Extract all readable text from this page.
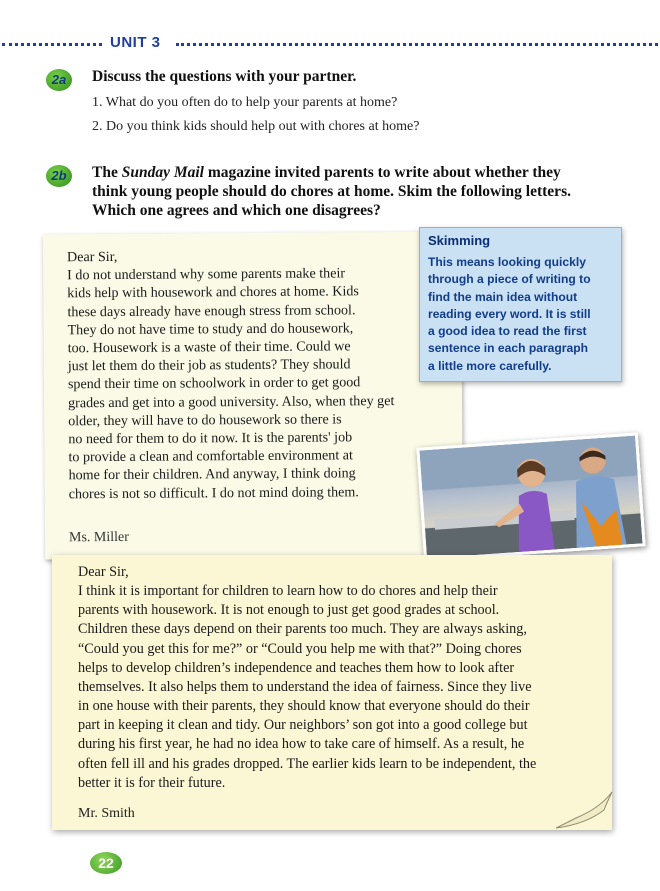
UNIT 3
2a	Discuss the questions with your partner.
1. What do you often do to help your parents at home?
2. Do you think kids should help out with chores at home?
2b	The Sunday Mail magazine invited parents to write about whether they
think young people should do chores at home. Skim the following letters.
Which one agrees and which one disagrees?
Dear Sir,
I do not understand why some parents make their
kids help with housework and chores at home. Kids
these days already have enough stress from school.
They do not have time to study and do housework,
too. Housework is a waste of their time. Could we
just let them do their job as students? They should
spend their time on schoolwork in order to get good
grades and get into a good university. Also, when they get
older, they will have to do housework so there is
no need for them to do it now. It is the parents' job
to provide a clean and comfortable environment at
home for their children. And anyway, I think doing
chores is not so difficult. I do not mind doing them.
Ms. Miller
Skimming
This means looking quickly
through a piece of writing to
find the main idea without
reading every word. It is still
a good idea to read the first
sentence in each paragraph
a little more carefully.
Dear Sir,
I think it is important for children to learn how to do chores and help their
parents with housework. It is not enough to just get good grades at school.
Children these days depend on their parents too much. They are always asking,
“Could you get this for me?” or “Could you help me with that?” Doing chores
helps to develop children’s independence and teaches them how to look after
themselves. It also helps them to understand the idea of fairness. Since they live
in one house with their parents, they should know that everyone should do their
part in keeping it clean and tidy. Our neighbors’ son got into a good college but
during his first year, he had no idea how to take care of himself. As a result, he
often fell ill and his grades dropped. The earlier kids learn to be independent, the
better it is for their future.
Mr. Smith
22
